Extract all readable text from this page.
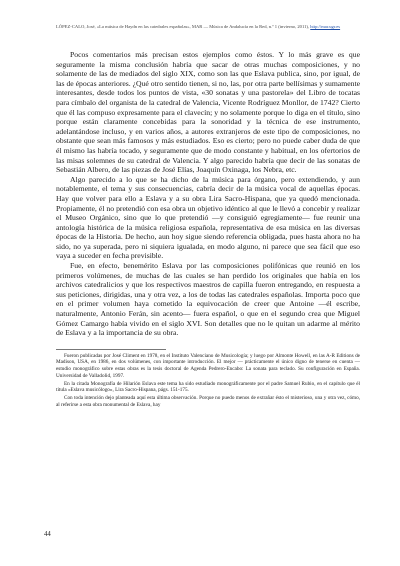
LÓPEZ-CALO, José, «La música de Haydn en las catedrales españolas», MAR — Música de Andalucía en la Red, n.º 1 (invierno, 2011), http://mar.ugr.es

Pocos comentarios más precisan estos ejemplos como éstos. Y lo más grave es que seguramente la misma conclusión habría que sacar de otras muchas composiciones, y no solamente de las de mediados del siglo XIX, como son las que Eslava publica, sino, por igual, de las de épocas anteriores. ¿Qué otro sentido tienen, si no, las, por otra parte bellísimas y sumamente interesantes, desde todos los puntos de vista, «30 sonatas y una pastorela» del Libro de tocatas para címbalo del organista de la catedral de Valencia, Vicente Rodríguez Monllor, de 1742? Cierto que él las compuso expresamente para el clavecín; y no solamente porque lo diga en el título, sino porque están claramente concebidas para la sonoridad y la técnica de ese instrumento, adelantándose incluso, y en varios años, a autores extranjeros de este tipo de composiciones, no obstante que sean más famosos y más estudiados. Eso es cierto; pero no puede caber duda de que él mismo las habría tocado, y seguramente que de modo constante y habitual, en los ofertorios de las misas solemnes de su catedral de Valencia. Y algo parecido habría que decir de las sonatas de Sebastián Albero, de las piezas de José Elías, Joaquín Oxinaga, los Nebra, etc.

Algo parecido a lo que se ha dicho de la música para órgano, pero extendiendo, y aun notablemente, el tema y sus consecuencias, cabría decir de la música vocal de aquellas épocas. Hay que volver para ello a Eslava y a su obra Lira Sacro-Hispana, que ya quedó mencionada. Propiamente, él no pretendió con esa obra un objetivo idéntico al que le llevó a concebir y realizar el Museo Orgánico, sino que lo que pretendió —y consiguió egregiamente— fue reunir una antología histórica de la música religiosa española, representativa de esa música en las diversas épocas de la Historia. De hecho, aun hoy sigue siendo referencia obligada, pues hasta ahora no ha sido, no ya superada, pero ni siquiera igualada, en modo alguno, ni parece que sea fácil que eso vaya a suceder en fecha previsible.

Fue, en efecto, benemérito Eslava por las composiciones polifónicas que reunió en los primeros volúmenes, de muchas de las cuales se han perdido los originales que había en los archivos catedralicios y que los respectivos maestros de capilla fueron entregando, en respuesta a sus peticiones, dirigidas, una y otra vez, a los de todas las catedrales españolas. Importa poco que en el primer volumen haya cometido la equivocación de creer que Antoine —él escribe, naturalmente, Antonio Ferán, sin acento— fuera español, o que en el segundo crea que Miguel Gómez Camargo había vivido en el siglo XVI. Son detalles que no le quitan un adarme al mérito de Eslava y a la importancia de su obra.

Fueron publicadas por José Climent en 1978, en el Instituto Valenciano de Musicología; y luego por Almonte Howell, en las A-R Editions de Madison, USA, en 1986, en dos volúmenes, con importante introducción. El mejor — prácticamente el único digno de tenerse en cuenta — estudio monográfico sobre estas obras es la tesis doctoral de Agenda Pedrero-Encabo: La sonata para teclado. Su configuración en España. Universidad de Valladolid, 1997.

En la citada Monografía de Hilarión Eslava este tema ha sido estudiado monográficamente por el padre Samuel Rubio, en el capítulo que él titula «Eslava musicólogo», Lira Sacro-Hispana, págs. 151-175.

Con toda intención dejo planteada aquí esta última observación. Porque no puedo menos de extrañar ésto el misterioso, una y otra vez, cómo, al referirse a esta obra monumental de Eslava, hay

44
